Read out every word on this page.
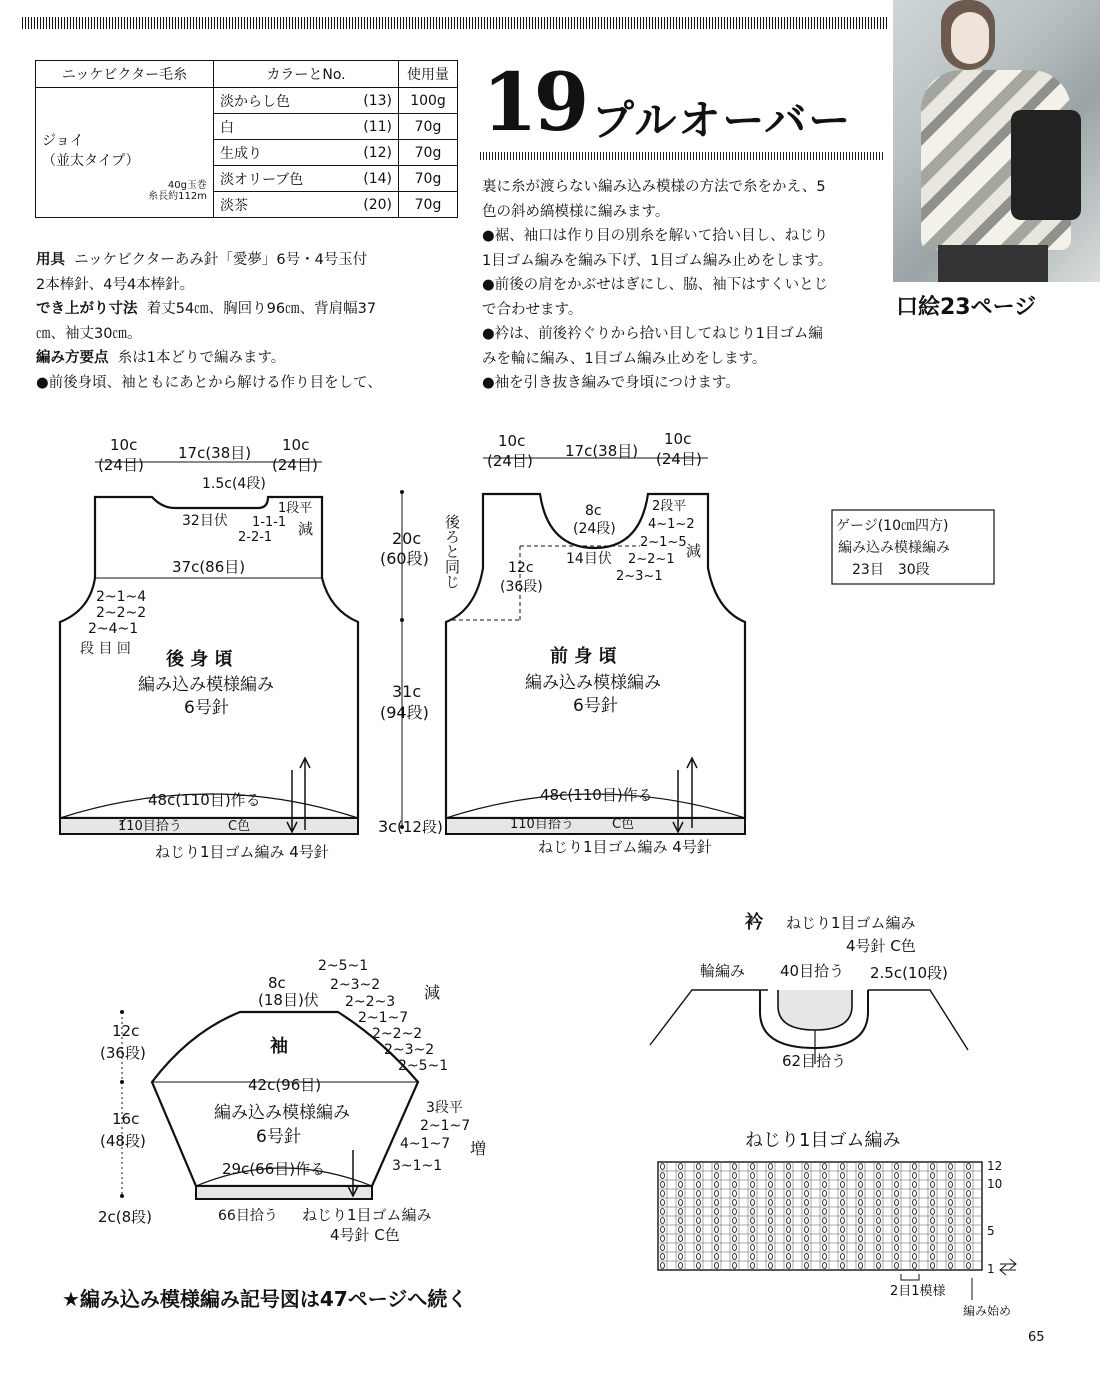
ニッケビクター毛糸	カラーとNo.		使用量

ジョイ
（並太タイプ）
40g玉巻
糸長約112m	淡からし色	(13)	100g
	白	(11)	70g
	生成り	(12)	70g
	淡オリーブ色	(14)	70g
	淡茶	(20)	70g
19 プルオーバー
口絵23ページ
用具 ニッケビクターあみ針「愛夢」6号・4号玉付
2本棒針、4号4本棒針。
でき上がり寸法 着丈54㎝、胸回り96㎝、背肩幅37
㎝、袖丈30㎝。
編み方要点 糸は1本どりで編みます。
●前後身頃、袖ともにあとから解ける作り目をして、
裏に糸が渡らない編み込み模様の方法で糸をかえ、5
色の斜め縞模様に編みます。
●裾、袖口は作り目の別糸を解いて拾い目し、ねじり
1目ゴム編みを編み下げ、1目ゴム編み止めをします。
●前後の肩をかぶせはぎにし、脇、袖下はすくいとじ
で合わせます。
●衿は、前後衿ぐりから拾い目してねじり1目ゴム編
みを輪に編み、1目ゴム編み止めをします。
●袖を引き抜き編みで身頃につけます。
10c
(24目)
17c(38目) 10c
(24目)
1.5c(4段)
32目伏
1段平
1-1-1
2-2-1 減
37c(86目)
2~1~4
2~2~2
2~4~1
段 目 回 後 身 頃
編み込み模様編み
6号針
48c(110目)作る
110目拾う	C色
ねじり1目ゴム編み 4号針
20c
(60段)
31c
(94段)
3c (12段)
10c
(24目)
17c(38目)
10c
(24目)
後ろと同じ
8c
(24段)
14目伏
2段平
4~1~2
2~1~5
2~2~1
2~3~1
減
12c
(36段)
前 身 頃
編み込み模様編み
6号針
48c(110目)作る
110目拾う	C色
ねじり1目ゴム編み 4号針
ゲージ(10㎝四方)
編み込み模様編み
23目　30段
8c
(18目)伏
12c
(36段)
16c
(48段)
2c(8段)
2~5~1
2~3~2
2~2~3
2~1~7
2~2~2
2~3~2
2~5~1
減
袖
42c(96目)
編み込み模様編み
6号針
3段平
2~1~7
4~1~7
3~1~1
増
29c(66目)作る
66目拾う ねじり1目ゴム編み
4号針 C色
衿 ねじり1目ゴム編み
4号針 C色
輪編み 40目拾う 2.5c(10段)
62目拾う
ねじり1目ゴム編み
12
10
5
1
2目1模様
編み始め
★編み込み模様編み記号図は47ページへ続く
65
